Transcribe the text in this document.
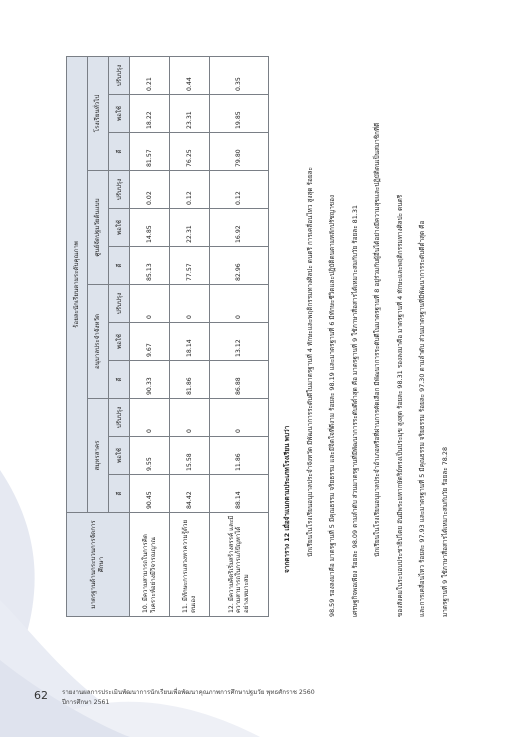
มาตรฐานด้านกระบวนการจัดการศึกษา	ร้อยละนักเรียนตามระดับคุณภาพ											
	สมุทรสาคร			อนุบาลประจำจังหวัด			ศูนย์จัดปฐมวัยต้นแบบ			โรงเรียนทั่วไป		
	ดี	พอใช้	ปรับปรุง	ดี	พอใช้	ปรับปรุง	ดี	พอใช้	ปรับปรุง	ดี	พอใช้	ปรับปรุง
10. มีความสามารถในการคิดวิเคราะห์อย่างมีวิจารณญาณ	90.45	9.55	0	90.33	9.67	0	85.13	14.85	0.02	81.57	18.22	0.21
11. มีทักษะการแสวงหาความรู้ด้วยตนเอง	84.42	15.58	0	81.86	18.14	0	77.57	22.31	0.12	76.25	23.31	0.44
12. มีความคิดริเริ่มสร้างสรรค์ และมีความสามารถในการแก้ปัญหาได้อย่างเหมาะสม	88.14	11.86	0	86.88	13.12	0	82.96	16.92	0.12	79.80	19.85	0.35

จากตาราง 12 เมื่อจำแนกตามประเภทโรงเรียน พบว่า	นักเรียนในโรงเรียนอนุบาลประจำจังหวัด มีพัฒนาการระดับดีในมาตรฐานที่ 4 ทักษะและพฤติกรรมทางศิลปะ ดนตรี การเคลื่อนไหว สูงสุด ร้อยละ	98.59 รองลงมาคือ มาตรฐานที่ 5 มีคุณธรรม จริยธรรม และมีจิตใจที่ดีงาม ร้อยละ 98.19 และมาตรฐานที่ 6 มีทักษะชีวิตและปฏิบัติตนตามหลักปรัชญาของ	เศรษฐกิจพอเพียง ร้อยละ 98.09 ตามลำดับ ส่วนมาตรฐานที่มีพัฒนาการระดับดีต่ำสุด คือ มาตรฐานที่ 9 ใช้ภาษาสื่อสารได้เหมาะสมกับวัย ร้อยละ 81.31	นักเรียนในโรงเรียนอนุบาลประจำอำเภอหรือที่ผ่านการคัดเลือก มีพัฒนาการระดับดีในมาตรฐานที่ 8 อยู่ร่วมกับผู้อื่นได้อย่างมีความสุขและปฏิบัติตนเป็นสมาชิกที่ดี	ของสังคมในระบอบประชาธิปไตย อันมีพระมหากษัตริย์ทรงเป็นประมุข สูงสุด ร้อยละ 98.31 รองลงมาคือ มาตรฐานที่ 4 ทักษะและพฤติกรรมทางศิลปะ ดนตรี	และการเคลื่อนไหว ร้อยละ 97.93 และมาตรฐานที่ 5 มีคุณธรรม จริยธรรม ร้อยละ 97.30 ตามลำดับ ส่วนมาตรฐานที่มีพัฒนาการระดับดีต่ำสุด คือ	มาตรฐานที่ 9 ใช้ภาษาสื่อสารได้เหมาะสมกับวัย ร้อยละ 78.28

62 รายงานผลการประเมินพัฒนาการนักเรียนเพื่อพัฒนาคุณภาพการศึกษาปฐมวัย พุทธศักราช 2560
ปีการศึกษา 2561
